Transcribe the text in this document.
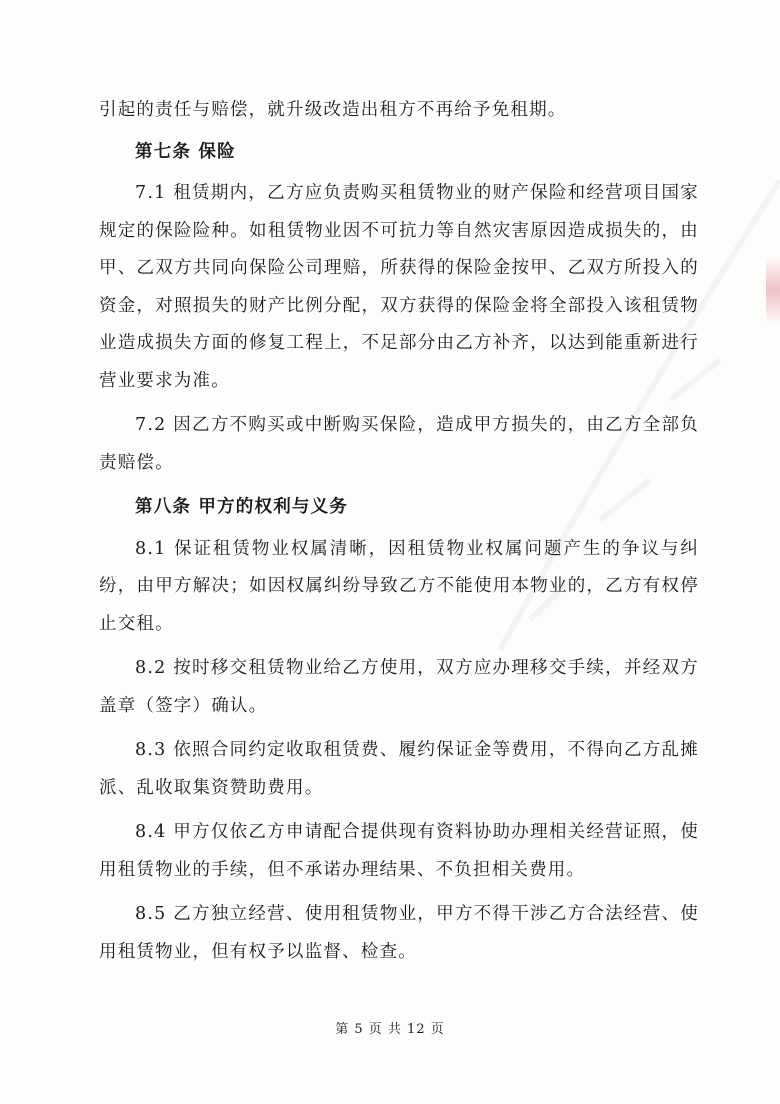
引起的责任与赔偿，就升级改造出租方不再给予免租期。

第七条 保险

7.1 租赁期内，乙方应负责购买租赁物业的财产保险和经营项目国家规定的保险险种。如租赁物业因不可抗力等自然灾害原因造成损失的，由甲、乙双方共同向保险公司理赔，所获得的保险金按甲、乙双方所投入的资金，对照损失的财产比例分配，双方获得的保险金将全部投入该租赁物业造成损失方面的修复工程上，不足部分由乙方补齐，以达到能重新进行营业要求为准。

7.2 因乙方不购买或中断购买保险，造成甲方损失的，由乙方全部负责赔偿。

第八条 甲方的权利与义务

8.1 保证租赁物业权属清晰，因租赁物业权属问题产生的争议与纠纷，由甲方解决；如因权属纠纷导致乙方不能使用本物业的，乙方有权停止交租。

8.2 按时移交租赁物业给乙方使用，双方应办理移交手续，并经双方盖章（签字）确认。

8.3 依照合同约定收取租赁费、履约保证金等费用，不得向乙方乱摊派、乱收取集资赞助费用。

8.4 甲方仅依乙方申请配合提供现有资料协助办理相关经营证照，使用租赁物业的手续，但不承诺办理结果、不负担相关费用。

8.5 乙方独立经营、使用租赁物业，甲方不得干涉乙方合法经营、使用租赁物业，但有权予以监督、检查。

第 5 页 共 12 页
